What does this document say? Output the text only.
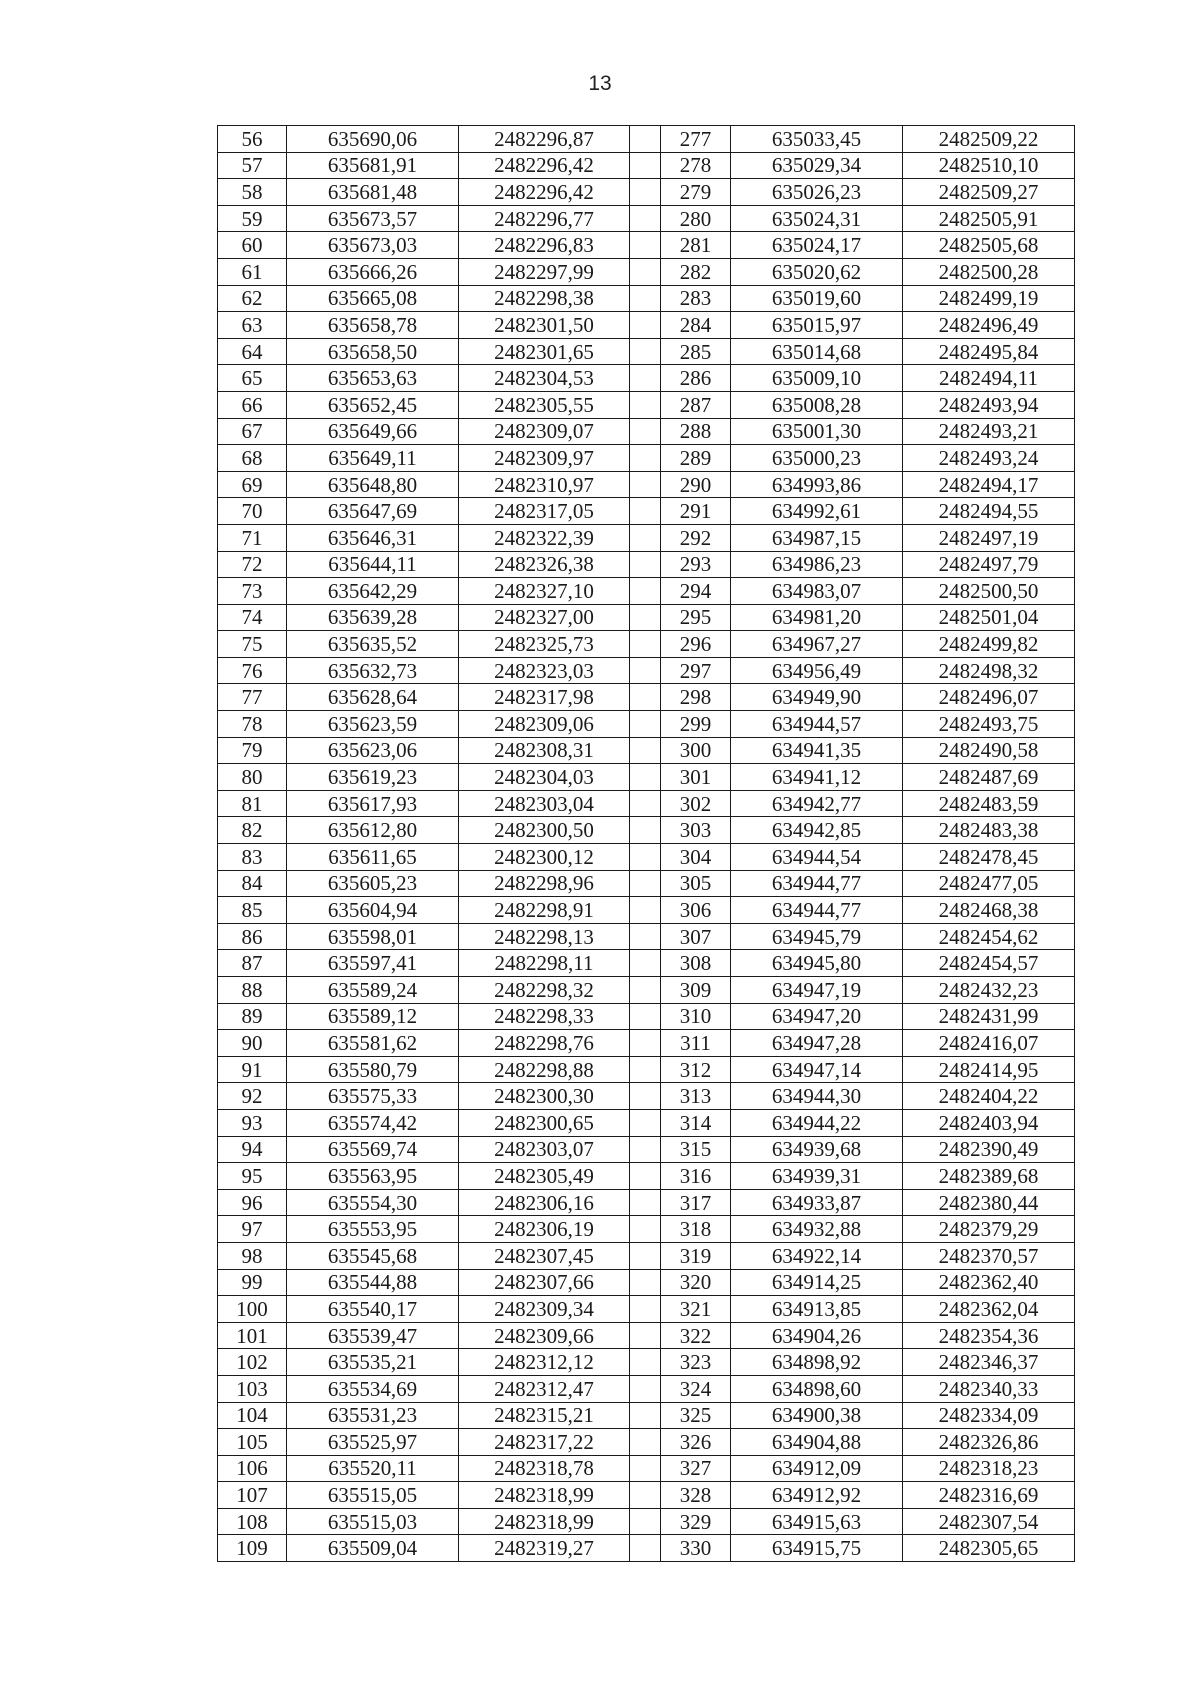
13
56	635690,06	2482296,87		277	635033,45	2482509,22
57	635681,91	2482296,42		278	635029,34	2482510,10
58	635681,48	2482296,42		279	635026,23	2482509,27
59	635673,57	2482296,77		280	635024,31	2482505,91
60	635673,03	2482296,83		281	635024,17	2482505,68
61	635666,26	2482297,99		282	635020,62	2482500,28
62	635665,08	2482298,38		283	635019,60	2482499,19
63	635658,78	2482301,50		284	635015,97	2482496,49
64	635658,50	2482301,65		285	635014,68	2482495,84
65	635653,63	2482304,53		286	635009,10	2482494,11
66	635652,45	2482305,55		287	635008,28	2482493,94
67	635649,66	2482309,07		288	635001,30	2482493,21
68	635649,11	2482309,97		289	635000,23	2482493,24
69	635648,80	2482310,97		290	634993,86	2482494,17
70	635647,69	2482317,05		291	634992,61	2482494,55
71	635646,31	2482322,39		292	634987,15	2482497,19
72	635644,11	2482326,38		293	634986,23	2482497,79
73	635642,29	2482327,10		294	634983,07	2482500,50
74	635639,28	2482327,00		295	634981,20	2482501,04
75	635635,52	2482325,73		296	634967,27	2482499,82
76	635632,73	2482323,03		297	634956,49	2482498,32
77	635628,64	2482317,98		298	634949,90	2482496,07
78	635623,59	2482309,06		299	634944,57	2482493,75
79	635623,06	2482308,31		300	634941,35	2482490,58
80	635619,23	2482304,03		301	634941,12	2482487,69
81	635617,93	2482303,04		302	634942,77	2482483,59
82	635612,80	2482300,50		303	634942,85	2482483,38
83	635611,65	2482300,12		304	634944,54	2482478,45
84	635605,23	2482298,96		305	634944,77	2482477,05
85	635604,94	2482298,91		306	634944,77	2482468,38
86	635598,01	2482298,13		307	634945,79	2482454,62
87	635597,41	2482298,11		308	634945,80	2482454,57
88	635589,24	2482298,32		309	634947,19	2482432,23
89	635589,12	2482298,33		310	634947,20	2482431,99
90	635581,62	2482298,76		311	634947,28	2482416,07
91	635580,79	2482298,88		312	634947,14	2482414,95
92	635575,33	2482300,30		313	634944,30	2482404,22
93	635574,42	2482300,65		314	634944,22	2482403,94
94	635569,74	2482303,07		315	634939,68	2482390,49
95	635563,95	2482305,49		316	634939,31	2482389,68
96	635554,30	2482306,16		317	634933,87	2482380,44
97	635553,95	2482306,19		318	634932,88	2482379,29
98	635545,68	2482307,45		319	634922,14	2482370,57
99	635544,88	2482307,66		320	634914,25	2482362,40
100	635540,17	2482309,34		321	634913,85	2482362,04
101	635539,47	2482309,66		322	634904,26	2482354,36
102	635535,21	2482312,12		323	634898,92	2482346,37
103	635534,69	2482312,47		324	634898,60	2482340,33
104	635531,23	2482315,21		325	634900,38	2482334,09
105	635525,97	2482317,22		326	634904,88	2482326,86
106	635520,11	2482318,78		327	634912,09	2482318,23
107	635515,05	2482318,99		328	634912,92	2482316,69
108	635515,03	2482318,99		329	634915,63	2482307,54
109	635509,04	2482319,27		330	634915,75	2482305,65
